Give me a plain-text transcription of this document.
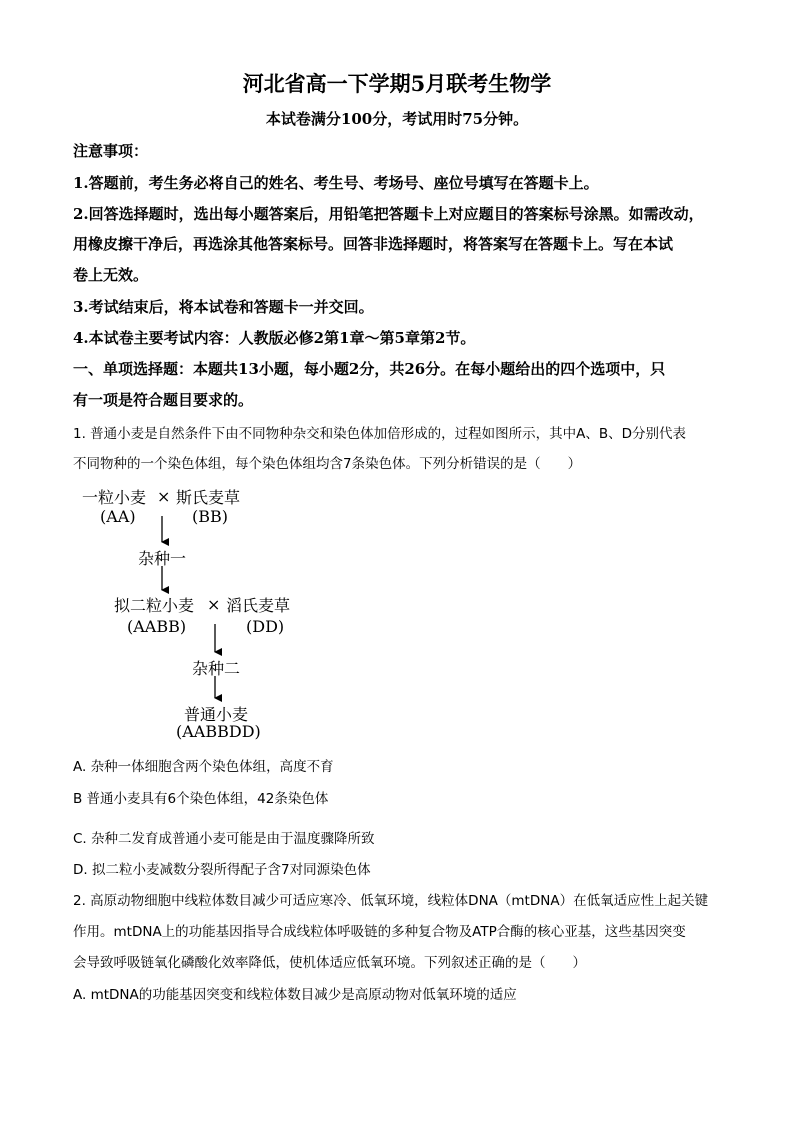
河北省高一下学期5月联考生物学
本试卷满分100分，考试用时75分钟。
注意事项：
1.答题前，考生务必将自己的姓名、考生号、考场号、座位号填写在答题卡上。
2.回答选择题时，选出每小题答案后，用铅笔把答题卡上对应题目的答案标号涂黑。如需改动，
用橡皮擦干净后，再选涂其他答案标号。回答非选择题时，将答案写在答题卡上。写在本试
卷上无效。
3.考试结束后，将本试卷和答题卡一并交回。
4.本试卷主要考试内容：人教版必修2第1章～第5章第2节。
一、单项选择题：本题共13小题，每小题2分，共26分。在每小题给出的四个选项中，只
有一项是符合题目要求的。
1. 普通小麦是自然条件下由不同物种杂交和染色体加倍形成的，过程如图所示，其中A、B、D分别代表
不同物种的一个染色体组，每个染色体组均含7条染色体。下列分析错误的是（　　）
一粒小麦 × 斯氏麦草
(AA)	(BB)
杂种一
拟二粒小麦 × 滔氏麦草
(AABB)	(DD)
杂种二
普通小麦
(AABBDD)
A. 杂种一体细胞含两个染色体组，高度不育
B 普通小麦具有6个染色体组，42条染色体
C. 杂种二发育成普通小麦可能是由于温度骤降所致
D. 拟二粒小麦减数分裂所得配子含7对同源染色体
2. 高原动物细胞中线粒体数目减少可适应寒冷、低氧环境，线粒体DNA（mtDNA）在低氧适应性上起关键
作用。mtDNA上的功能基因指导合成线粒体呼吸链的多种复合物及ATP合酶的核心亚基，这些基因突变
会导致呼吸链氧化磷酸化效率降低，使机体适应低氧环境。下列叙述正确的是（　　）
A. mtDNA的功能基因突变和线粒体数目减少是高原动物对低氧环境的适应
